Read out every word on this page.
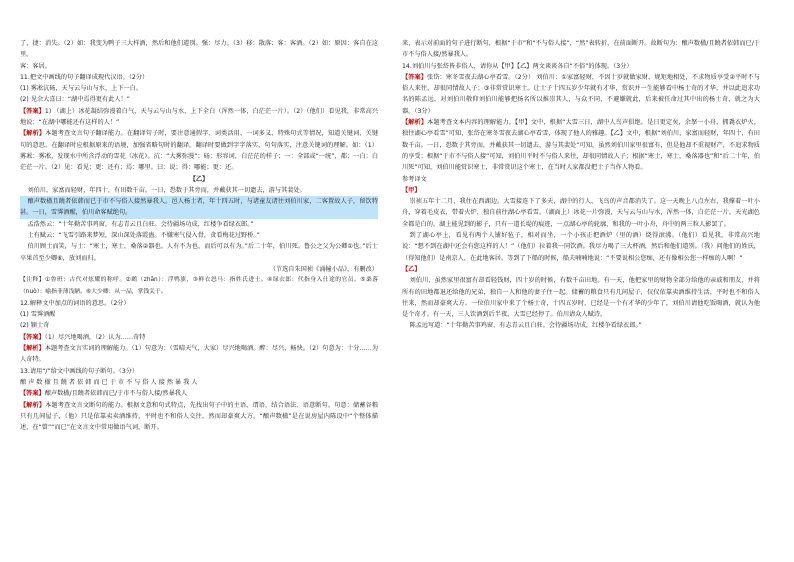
了，捷：消失。（2）如：我变为鸭子三大样酒，然后和他们道别。强：尽力。（3）移：散落；客：客酒。（2）如：原因：客自在这里。

客：客居。

11.把文中画线的句子翻译成现代汉语。（2分）

(1) 雾凇沆砀，天与云与山与水，上下一白。

(2) 见余大喜曰：“湖中焉得更有此人！”

【答案】1) （湖上）冰花凝结弥漫着白气，天与云与山与水，上下全白（浑然一体，白茫茫一片）。（2）（他们）看见我，非常高兴地说：“在湖中哪能还有这样的人！”

【解析】本题考查文言句子翻译能力。在翻译句子时，要注意通假字、词类活用、一词多义、特殊句式等情况，知道关键词、关键句的意思。在翻译时应根据原来的语境，加强省略句时的翻译。翻译时要做到字字落实，句句落实，注意关键词的理解。如：（1）雾凇：雾凇，发现水中所含浮动的雪花（冰花）。沆：“大雾弥漫”；砀：形容词，白茫茫的样子；一：全部或“一统”，都；一白：白茫茫一片。（2）见：看见；更：还有；焉：哪里。曰：说；得：哪能；更：还。

【乙】

刘伯川，家富而轻财，年四十，有田数千亩。一日，恐数于其旁而，并戴获其一切遗去，游与其裴处。

酿声数楹且饒者依韩而已于市不与俗人接然暴我人。邑人杨士者，年十四五时，与诸童友诸往刘伯川家，二客置故人子，留饮特甚。一日，雪霁酒醒，伯川命客赋绝句。

孟浩然云：“十年勤苦事鸡窗，有志青云且白驻。会待疆场功成，红楼争看绿衣郎。”

士有赋云：“飞雪引路来梦短，深山深处落霞蛊。不嫌寒气侵入骨，贪看梅花过野桥。”

伯川顾士而笑，与士：“寒士，寒士，桑落②器也。人有不为也，而后可以有为。”后二十年，伯川死。鲁公之父为公卿①也。”后士卒果首至少卿⑥，放刘而归。

（节选自朱国祯《涌幢小品》，有删改）

【注释】①鲁班：古代对炫耀的称呼。②鹚（zhān）：浮鸭旗，③鲜衣怒马：指姓氏进士。④绿衣郎：代指身入仕途的官员。⑤桑落（nuò）：喻指菲薄浅陋。⑥大少卿：从一品，掌钱关于。

12.解释文中加点的词语的意思。（2分）

(1) 雪霁酒醒

(2) 颍士奇

【答案】（1）尽兴地喝酒，（2）认为……奇特

【解析】本题考查文言实词的理解能力。（1）句意为：（雪晴天气，大家）尽兴地喝酒。醉：尽兴，畅快。（2）句意为：十分……为人奇特。

13.请用“/”给文中画线的句子断句。（3分）

酿 声 数 楹 且 饒 者 依 韩 而 已 于 市 不 与 俗 人 接 然 暴 我 人

【答案】酿声数楹/且饒者依韩而已/于市不与俗人接/然暴我人

【解析】本题考查文言文断句的能力。根据文意和句式特点，先找出句子中的主语、谓语，结合语法、语意断句。句意：储蓄谷粮只有几间屋子，（他）只是依靠卖卖酒维持，平时也不和俗人交往，然而却豪爽大方。“酿声数楹”是在说房屋内陈设中“个整体描述，在“曾”“而已”在文言文中常用做语气词，断开。

来，表示对前面的句子进行断句，根据“于市”和“不与俗人接”，“然”表转折，在前面断开。故断句为：酿声数楹/且饒者依韩而已/于市不与俗人接/然暴我人。

14.刘伯川与张岱皆非俗人，请你从【甲】【乙】两文谈谈各自“不俗”的体现。（3分）

【答案】张岱：寒冬雪夜去湖心亭看雪。（2分） 刘伯川：①家富轻财，不因十岁就做家财、规矩地相处，不求物质享受②平时不与俗人来往，却很同情故人子；③非常赏识寒士。让士子十四五岁少年就有才华，赏识并一生能够看中杨士奇的才华，并以此追求功名的陈孟远，对刘伯川敬仰刘伯川能够把扬名所以推崇其人，与众不同，不避嫌就此，后来被任命过其中出的杨士奇，就之为大器。（3分）

【解析】本题考查文本内容的理解能力。【甲】文中，根据“大雪三日，湖中人鸟声俱绝。是日更定矣，余拏一小舟，拥毳衣炉火，独往湖心亭看雪”可知，张岱在寒冬雪夜去湖心亭看雪，体现了他人的雅趣。【乙】文中，根据“刘伯川，家富而轻财，年四十，有田数千亩。一日，恐数于其旁而，并戴获其一切遗去，游与其裴处”可知，虽然刘伯川家里很富有，但是他却不重视财产，不追求物质的享受；根据“于市不与俗人接”可知，刘伯川平时不与俗人来往，却很同情故人子；根据“寒士，寒士，桑落器也”和“后二十年，伯川死”可知，刘伯川能赏识寒士，非常赏识这个寒士，在当时人家都没把士子当作人物看。

参考译文

【甲】

崇祯五年十二月，我住在西湖边。大雪接连下了多天，湖中的行人、飞鸟的声音都消失了。这一天晚上八点左右，我撑着一叶小舟，穿着毛皮衣，带着火炉，独自前往湖心亭看雪。（湖面上）冰花一片弥漫，天与云与山与水，浑然一体，白茫茫一片。天光湖色全都是白的。湖上能见到的影子，只有一道长堤的痕迹，一点湖心亭的轮廓，和我的一叶小舟，舟中的两三粒人影罢了。

到了湖心亭上，看见有两个人铺好毡子，相对而坐，一个小孩正把酒炉（里的酒）烧得滚沸。（他们）看见我，非常高兴地说：“想不到在湖中还会有您这样的人！”（他们）拉着我一同饮酒。我尽力喝了三大杯酒，然后和他们道别。（我）问他们的姓氏，（得知他们）是南京人，在此地客居。等到了下船的时候，船夫喃喃地说：“不要说相公您痴，还有像相公您一样痴的人啊！”

【乙】

刘伯川，虽然家里很富有却看轻钱财，四十岁的时候，有数千亩田地。有一天，他把家里的财物全部分给他的亲戚和朋友，并将所有的田地都退还给他的兄弟，独自一人和他的妻子住一起。储蓄的粮食只有几间屋子，仅仅依靠卖酒维持生活，平时也不和俗人往来，然而却豪爽大方。一位伯川家中来了个杨士奇，十四五岁时，已经是一个有才华的少年了，刘伯川请他吃饭喝酒，就认为他是个奇才。有一天，三人饮酒到后半夜，大雪已经停了。伯川请众人赋诗。

陈孟远写道：“十年勤苦事鸡窗，有志青云且白驻。会待疆场功成，红楼争看绿衣郎。”
